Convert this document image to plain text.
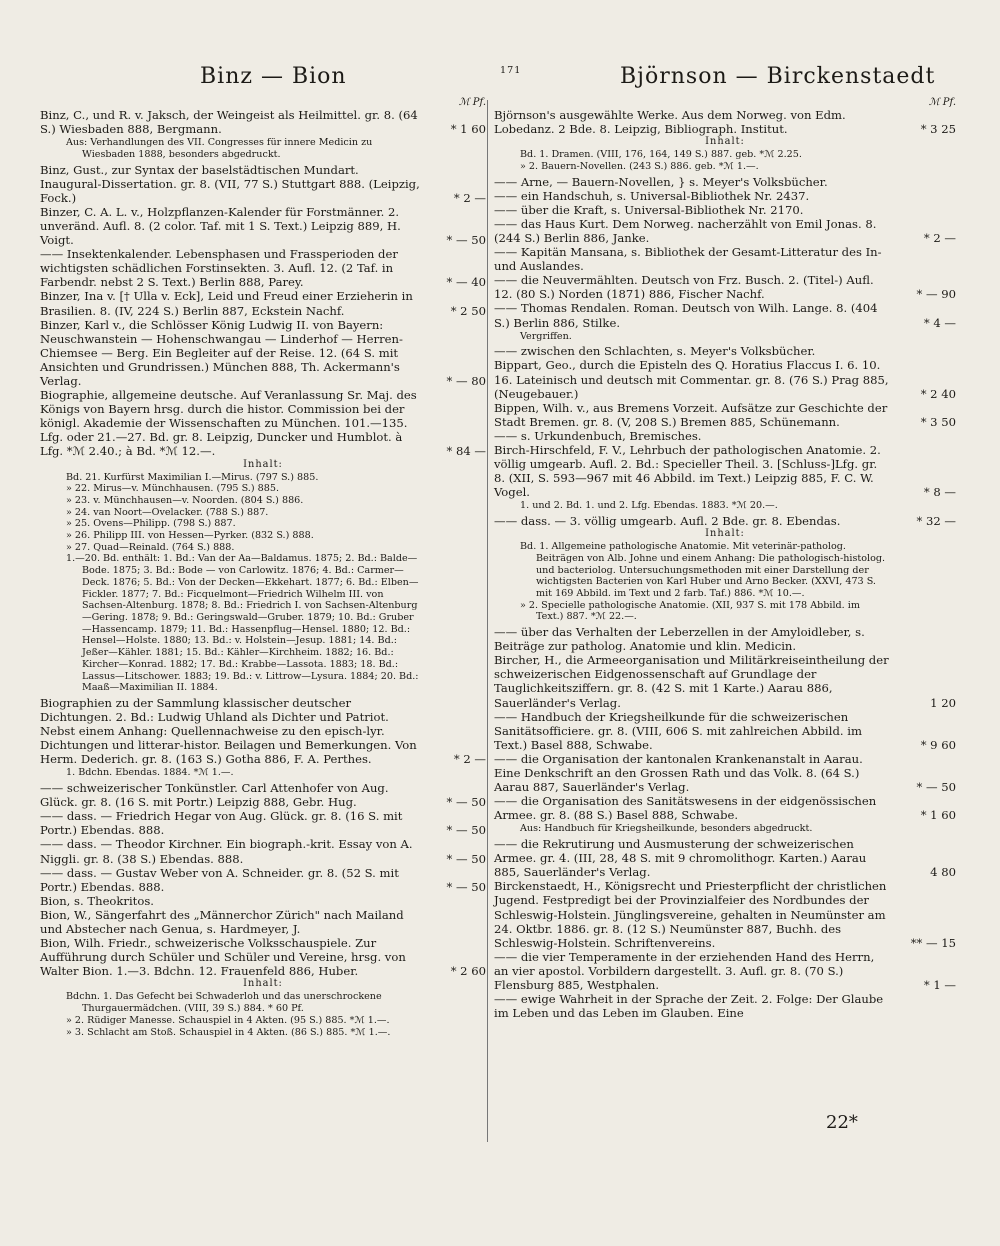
Binz — Bion	171	Björnson — Birckenstaedt
ℳ Pf.
Binz, C., und R. v. Jaksch, der Weingeist als Heilmittel. gr. 8. (64 S.) Wiesbaden 888, Bergmann.	* 1 60
Aus: Verhandlungen des VII. Congresses für innere Medicin zu Wiesbaden 1888, besonders abgedruckt.
Binz, Gust., zur Syntax der baselstädtischen Mundart. Inaugural-Dissertation. gr. 8. (VII, 77 S.) Stuttgart 888. (Leipzig, Fock.)	* 2 —
Binzer, C. A. L. v., Holzpflanzen-Kalender für Forstmänner. 2. unveränd. Aufl. 8. (2 color. Taf. mit 1 S. Text.) Leipzig 889, H. Voigt.	* — 50
—— Insektenkalender. Lebensphasen und Frassperioden der wichtigsten schädlichen Forstinsekten. 3. Aufl. 12. (2 Taf. in Farbendr. nebst 2 S. Text.) Berlin 888, Parey.	* — 40
Binzer, Ina v. [† Ulla v. Eck], Leid und Freud einer Erzieherin in Brasilien. 8. (IV, 224 S.) Berlin 887, Eckstein Nachf.	* 2 50
Binzer, Karl v., die Schlösser König Ludwig II. von Bayern: Neuschwanstein — Hohenschwangau — Linderhof — Herren-Chiemsee — Berg. Ein Begleiter auf der Reise. 12. (64 S. mit Ansichten und Grundrissen.) München 888, Th. Ackermann's Verlag.	* — 80
Biographie, allgemeine deutsche. Auf Veranlassung Sr. Maj. des Königs von Bayern hrsg. durch die histor. Commission bei der königl. Akademie der Wissenschaften zu München. 101.—135. Lfg. oder 21.—27. Bd. gr. 8. Leipzig, Duncker und Humblot. à Lfg. *ℳ 2.40.; à Bd. *ℳ 12.—.	* 84 —
Inhalt:
Bd. 21. Kurfürst Maximilian I.—Mirus. (797 S.) 885.
» 22. Mirus—v. Münchhausen. (795 S.) 885.
» 23. v. Münchhausen—v. Noorden. (804 S.) 886.
» 24. van Noort—Ovelacker. (788 S.) 887.
» 25. Ovens—Philipp. (798 S.) 887.
» 26. Philipp III. von Hessen—Pyrker. (832 S.) 888.
» 27. Quad—Reinald. (764 S.) 888.
1.—20. Bd. enthält: 1. Bd.: Van der Aa—Baldamus. 1875; 2. Bd.: Balde—Bode. 1875; 3. Bd.: Bode — von Carlowitz. 1876; 4. Bd.: Carmer—Deck. 1876; 5. Bd.: Von der Decken—Ekkehart. 1877; 6. Bd.: Elben—Fickler. 1877; 7. Bd.: Ficquelmont—Friedrich Wilhelm III. von Sachsen-Altenburg. 1878; 8. Bd.: Friedrich I. von Sachsen-Altenburg—Gering. 1878; 9. Bd.: Geringswald—Gruber. 1879; 10. Bd.: Gruber—Hassencamp. 1879; 11. Bd.: Hassenpflug—Hensel. 1880; 12. Bd.: Hensel—Holste. 1880; 13. Bd.: v. Holstein—Jesup. 1881; 14. Bd.: Jeßer—Kähler. 1881; 15. Bd.: Kähler—Kirchheim. 1882; 16. Bd.: Kircher—Konrad. 1882; 17. Bd.: Krabbe—Lassota. 1883; 18. Bd.: Lassus—Litschower. 1883; 19. Bd.: v. Littrow—Lysura. 1884; 20. Bd.: Maaß—Maximilian II. 1884.
Biographien zu der Sammlung klassischer deutscher Dichtungen. 2. Bd.: Ludwig Uhland als Dichter und Patriot. Nebst einem Anhang: Quellennachweise zu den episch-lyr. Dichtungen und litterar-histor. Beilagen und Bemerkungen. Von Herm. Dederich. gr. 8. (163 S.) Gotha 886, F. A. Perthes.	* 2 —
1. Bdchn. Ebendas. 1884. *ℳ 1.—.
—— schweizerischer Tonkünstler. Carl Attenhofer von Aug. Glück. gr. 8. (16 S. mit Portr.) Leipzig 888, Gebr. Hug.	* — 50
—— dass. — Friedrich Hegar von Aug. Glück. gr. 8. (16 S. mit Portr.) Ebendas. 888.	* — 50
—— dass. — Theodor Kirchner. Ein biograph.-krit. Essay von A. Niggli. gr. 8. (38 S.) Ebendas. 888.	* — 50
—— dass. — Gustav Weber von A. Schneider. gr. 8. (52 S. mit Portr.) Ebendas. 888.	* — 50
Bion, s. Theokritos.
Bion, W., Sängerfahrt des „Männerchor Zürich" nach Mailand und Abstecher nach Genua, s. Hardmeyer, J.
Bion, Wilh. Friedr., schweizerische Volksschauspiele. Zur Aufführung durch Schüler und Schüler und Vereine, hrsg. von Walter Bion. 1.—3. Bdchn. 12. Frauenfeld 886, Huber.	* 2 60
Inhalt:
Bdchn. 1. Das Gefecht bei Schwaderloh und das unerschrockene Thurgauermädchen. (VIII, 39 S.) 884. * 60 Pf.
» 2. Rüdiger Manesse. Schauspiel in 4 Akten. (95 S.) 885. *ℳ 1.—.
» 3. Schlacht am Stoß. Schauspiel in 4 Akten. (86 S.) 885. *ℳ 1.—.
ℳ Pf.
Björnson's ausgewählte Werke. Aus dem Norweg. von Edm. Lobedanz. 2 Bde. 8. Leipzig, Bibliograph. Institut.	* 3 25
Inhalt:
Bd. 1. Dramen. (VIII, 176, 164, 149 S.) 887. geb. *ℳ 2.25.
» 2. Bauern-Novellen. (243 S.) 886. geb. *ℳ 1.—.
—— Arne, — Bauern-Novellen, } s. Meyer's Volksbücher.
—— ein Handschuh, s. Universal-Bibliothek Nr. 2437.
—— über die Kraft, s. Universal-Bibliothek Nr. 2170.
—— das Haus Kurt. Dem Norweg. nacherzählt von Emil Jonas. 8. (244 S.) Berlin 886, Janke.	* 2 —
—— Kapitän Mansana, s. Bibliothek der Gesamt-Litteratur des In- und Auslandes.
—— die Neuvermählten. Deutsch von Frz. Busch. 2. (Titel-) Aufl. 12. (80 S.) Norden (1871) 886, Fischer Nachf.	* — 90
—— Thomas Rendalen. Roman. Deutsch von Wilh. Lange. 8. (404 S.) Berlin 886, Stilke.	* 4 —
Vergriffen.
—— zwischen den Schlachten, s. Meyer's Volksbücher.
Bippart, Geo., durch die Episteln des Q. Horatius Flaccus I. 6. 10. 16. Lateinisch und deutsch mit Commentar. gr. 8. (76 S.) Prag 885, (Neugebauer.)	* 2 40
Bippen, Wilh. v., aus Bremens Vorzeit. Aufsätze zur Geschichte der Stadt Bremen. gr. 8. (V, 208 S.) Bremen 885, Schünemann.	* 3 50
—— s. Urkundenbuch, Bremisches.
Birch-Hirschfeld, F. V., Lehrbuch der pathologischen Anatomie. 2. völlig umgearb. Aufl. 2. Bd.: Specieller Theil. 3. [Schluss-]Lfg. gr. 8. (XII, S. 593—967 mit 46 Abbild. im Text.) Leipzig 885, F. C. W. Vogel.	* 8 —
1. und 2. Bd. 1. und 2. Lfg. Ebendas. 1883. *ℳ 20.—.
—— dass. — 3. völlig umgearb. Aufl. 2 Bde. gr. 8. Ebendas.	* 32 —
Inhalt:
Bd. 1. Allgemeine pathologische Anatomie. Mit veterinär-patholog. Beiträgen von Alb. Johne und einem Anhang: Die pathologisch-histolog. und bacteriolog. Untersuchungsmethoden mit einer Darstellung der wichtigsten Bacterien von Karl Huber und Arno Becker. (XXVI, 473 S. mit 169 Abbild. im Text und 2 farb. Taf.) 886. *ℳ 10.—.
» 2. Specielle pathologische Anatomie. (XII, 937 S. mit 178 Abbild. im Text.) 887. *ℳ 22.—.
—— über das Verhalten der Leberzellen in der Amyloidleber, s. Beiträge zur patholog. Anatomie und klin. Medicin.
Bircher, H., die Armeeorganisation und Militärkreiseintheilung der schweizerischen Eidgenossenschaft auf Grundlage der Tauglichkeitsziffern. gr. 8. (42 S. mit 1 Karte.) Aarau 886, Sauerländer's Verlag.	1 20
—— Handbuch der Kriegsheilkunde für die schweizerischen Sanitätsofficiere. gr. 8. (VIII, 606 S. mit zahlreichen Abbild. im Text.) Basel 888, Schwabe.	* 9 60
—— die Organisation der kantonalen Krankenanstalt in Aarau. Eine Denkschrift an den Grossen Rath und das Volk. 8. (64 S.) Aarau 887, Sauerländer's Verlag.	* — 50
—— die Organisation des Sanitätswesens in der eidgenössischen Armee. gr. 8. (88 S.) Basel 888, Schwabe.	* 1 60
Aus: Handbuch für Kriegsheilkunde, besonders abgedruckt.
—— die Rekrutirung und Ausmusterung der schweizerischen Armee. gr. 4. (III, 28, 48 S. mit 9 chromolithogr. Karten.) Aarau 885, Sauerländer's Verlag.	4 80
Birckenstaedt, H., Königsrecht und Priesterpflicht der christlichen Jugend. Festpredigt bei der Provinzialfeier des Nordbundes der Schleswig-Holstein. Jünglingsvereine, gehalten in Neumünster am 24. Oktbr. 1886. gr. 8. (12 S.) Neumünster 887, Buchh. des Schleswig-Holstein. Schriftenvereins.	** — 15
—— die vier Temperamente in der erziehenden Hand des Herrn, an vier apostol. Vorbildern dargestellt. 3. Aufl. gr. 8. (70 S.) Flensburg 885, Westphalen.	* 1 —
—— ewige Wahrheit in der Sprache der Zeit. 2. Folge: Der Glaube im Leben und das Leben im Glauben. Eine
22*
